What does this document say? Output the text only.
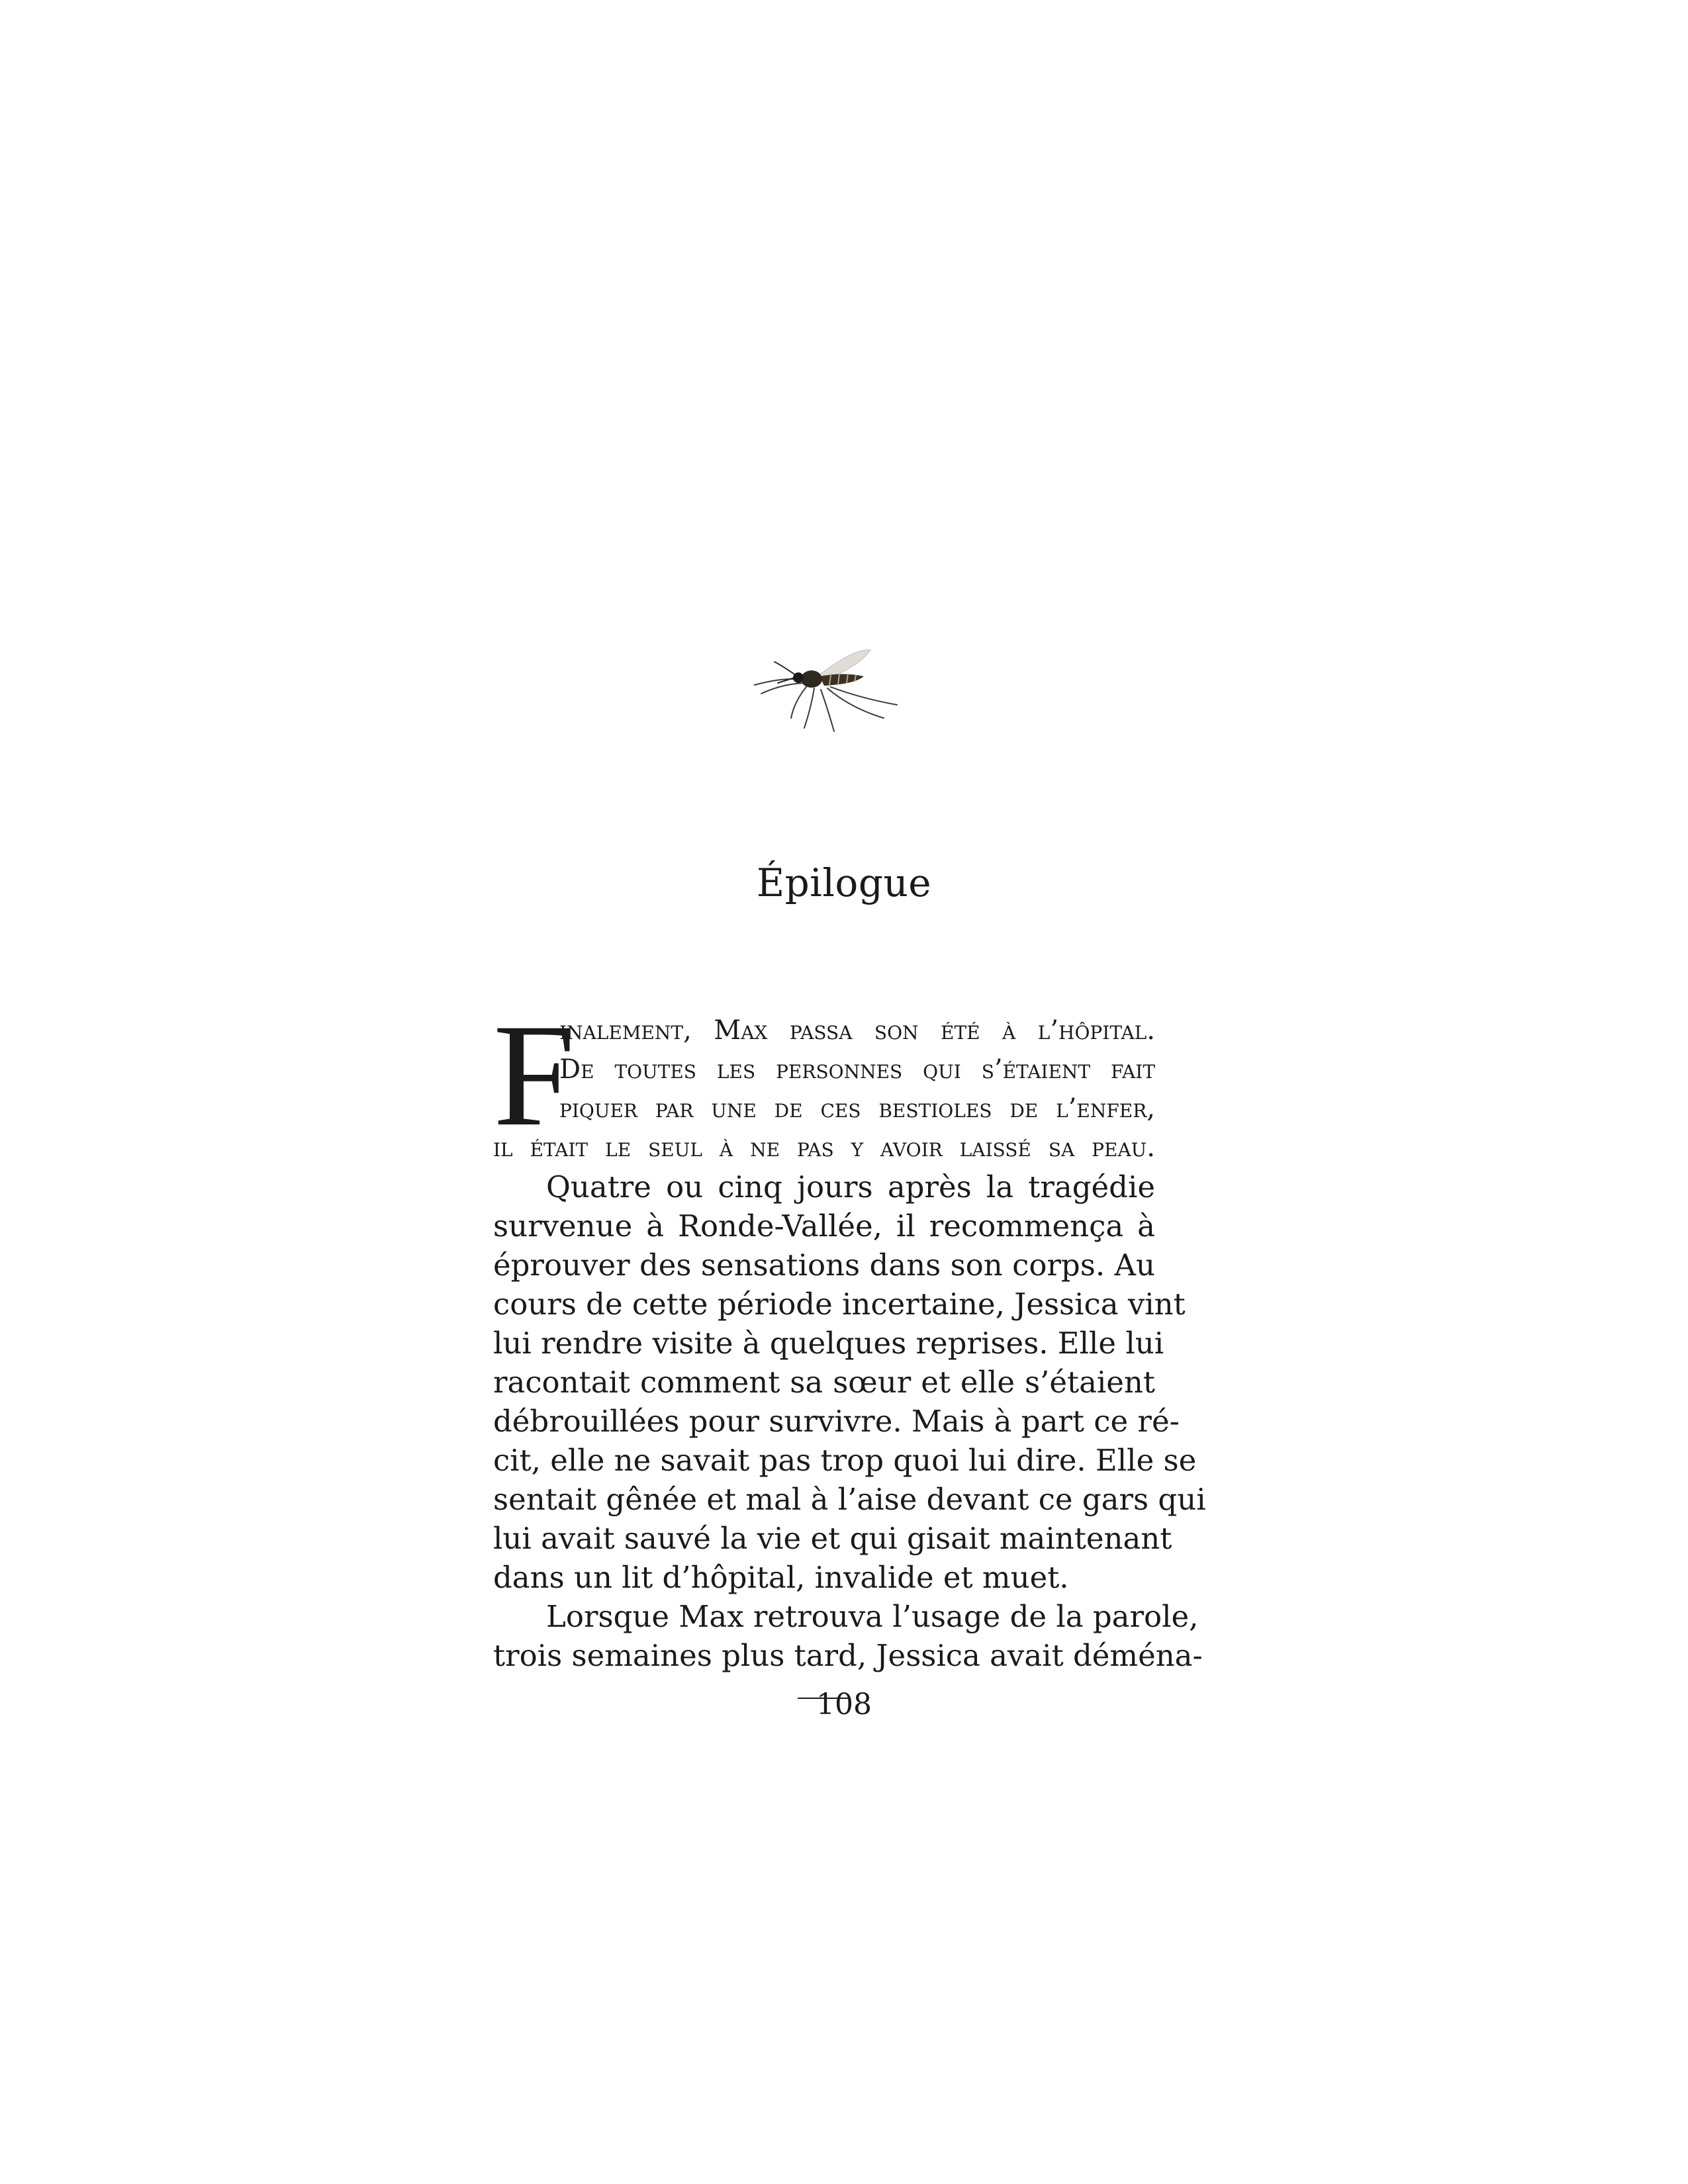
Épilogue
F
inalement, Max passa son été à l’hôpital.
De toutes les personnes qui s’étaient fait
piquer par une de ces bestioles de l’enfer,
il était le seul à ne pas y avoir laissé sa peau.

Quatre ou cinq jours après la tragédie
survenue à Ronde-Vallée, il recommença à
éprouver des sensations dans son corps. Au
cours de cette période incertaine, Jessica vint
lui rendre visite à quelques reprises. Elle lui
racontait comment sa sœur et elle s’étaient
débrouillées pour survivre. Mais à part ce ré-
cit, elle ne savait pas trop quoi lui dire. Elle se
sentait gênée et mal à l’aise devant ce gars qui
lui avait sauvé la vie et qui gisait maintenant
dans un lit d’hôpital, invalide et muet.

Lorsque Max retrouva l’usage de la parole,
trois semaines plus tard, Jessica avait déména-

108
